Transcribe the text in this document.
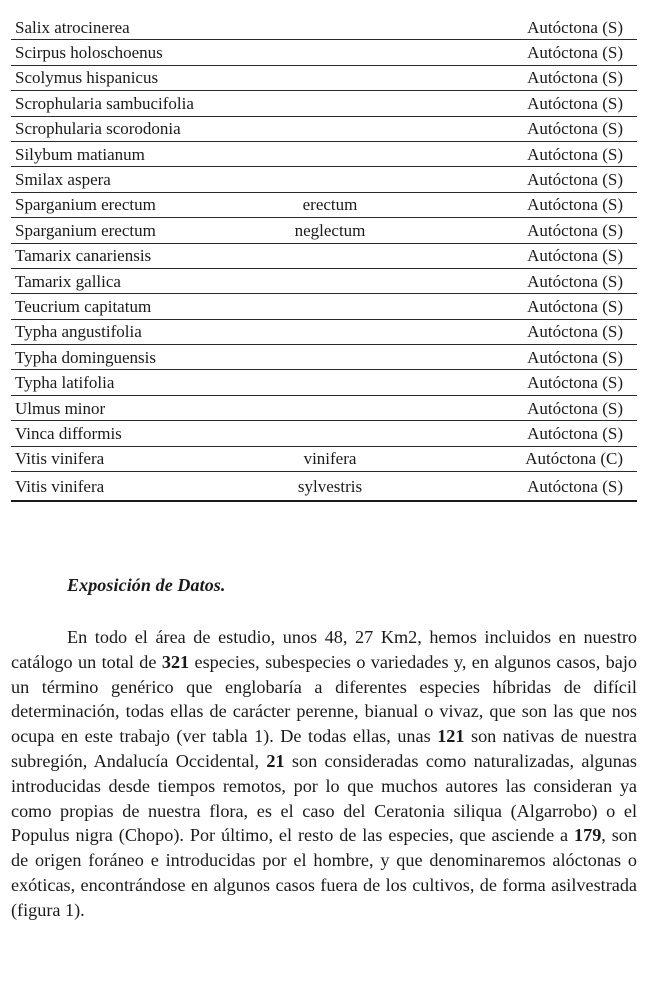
Salix atrocinerea		Autóctona (S)
Scirpus holoschoenus		Autóctona (S)
Scolymus hispanicus		Autóctona (S)
Scrophularia sambucifolia		Autóctona (S)
Scrophularia scorodonia		Autóctona (S)
Silybum matianum		Autóctona (S)
Smilax aspera		Autóctona (S)
Sparganium erectum	erectum	Autóctona (S)
Sparganium erectum	neglectum	Autóctona (S)
Tamarix canariensis		Autóctona (S)
Tamarix gallica		Autóctona (S)
Teucrium capitatum		Autóctona (S)
Typha angustifolia		Autóctona (S)
Typha dominguensis		Autóctona (S)
Typha latifolia		Autóctona (S)
Ulmus minor		Autóctona (S)
Vinca difformis		Autóctona (S)
Vitis vinifera	vinifera	Autóctona (C)
Vitis vinifera	sylvestris	Autóctona (S)
Exposición de Datos.

En todo el área de estudio, unos 48, 27 Km2, hemos incluidos en nuestro catálogo un total de 321 especies, subespecies o variedades y, en algunos casos, bajo un término genérico que englobaría a diferentes especies híbridas de difícil determinación, todas ellas de carácter perenne, bianual o vivaz, que son las que nos ocupa en este trabajo (ver tabla 1). De todas ellas, unas 121 son nativas de nuestra subregión, Andalucía Occidental, 21 son consideradas como naturalizadas, algunas introducidas desde tiempos remotos, por lo que muchos autores las consideran ya como propias de nuestra flora, es el caso del Ceratonia siliqua (Algarrobo) o el Populus nigra (Chopo). Por último, el resto de las especies, que asciende a 179, son de origen foráneo e introducidas por el hombre, y que denominaremos alóctonas o exóticas, encontrándose en algunos casos fuera de los cultivos, de forma asilvestrada (figura 1).
